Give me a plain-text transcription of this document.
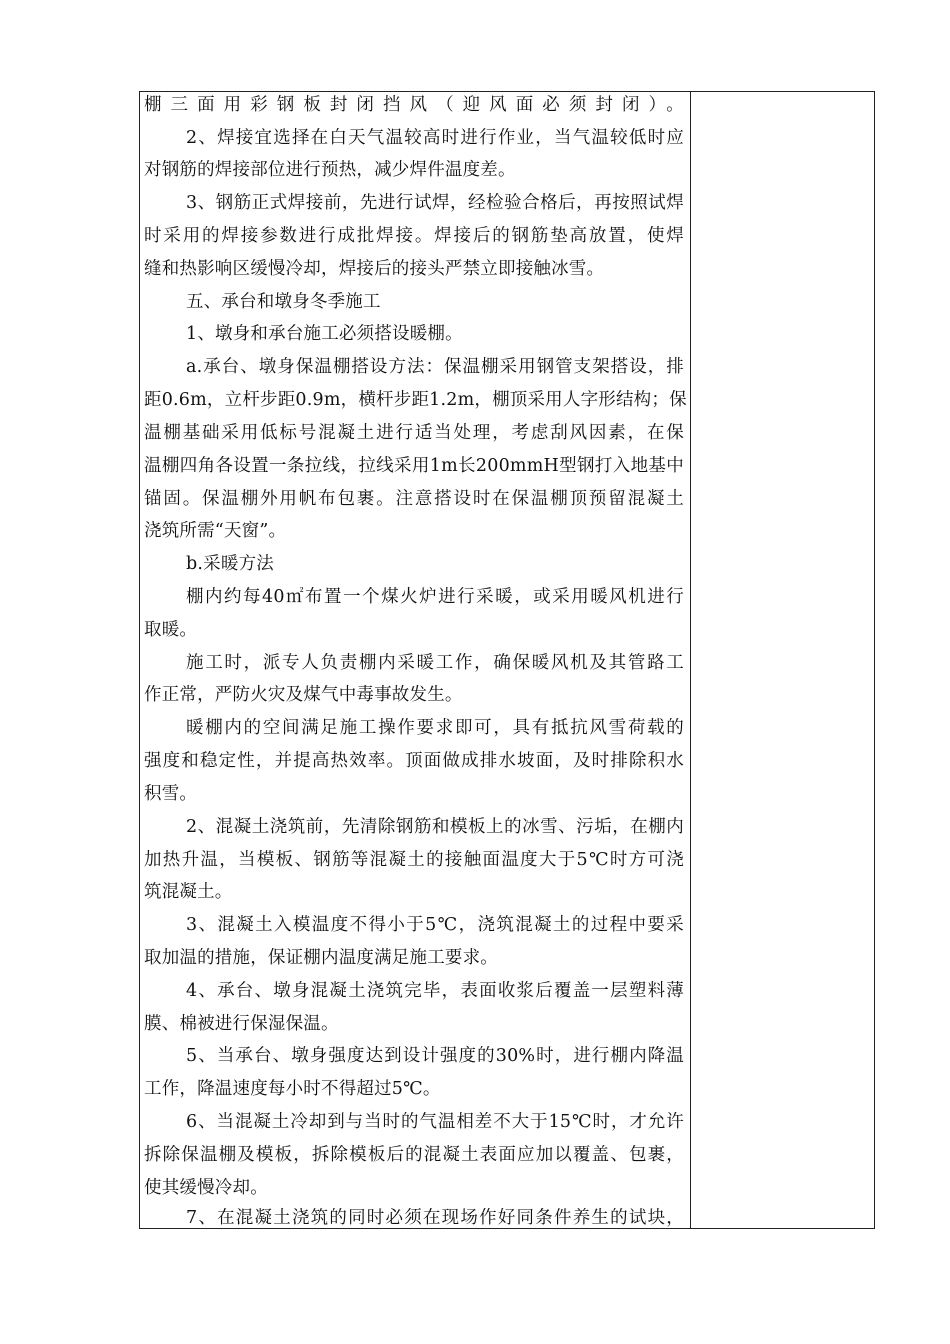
棚三面用彩钢板封闭挡风（迎风面必须封闭）。
2、焊接宜选择在白天气温较高时进行作业，当气温较低时应
对钢筋的焊接部位进行预热，减少焊件温度差。
3、钢筋正式焊接前，先进行试焊，经检验合格后，再按照试焊
时采用的焊接参数进行成批焊接。焊接后的钢筋垫高放置，使焊
缝和热影响区缓慢冷却，焊接后的接头严禁立即接触冰雪。
五、承台和墩身冬季施工
1、墩身和承台施工必须搭设暖棚。
a.承台、墩身保温棚搭设方法：保温棚采用钢管支架搭设，排
距0.6m，立杆步距0.9m，横杆步距1.2m，棚顶采用人字形结构；保
温棚基础采用低标号混凝土进行适当处理，考虑刮风因素，在保
温棚四角各设置一条拉线，拉线采用1m长200mmH型钢打入地基中
锚固。保温棚外用帆布包裹。注意搭设时在保温棚顶预留混凝土
浇筑所需“天窗”。
b.采暖方法
棚内约每40㎡布置一个煤火炉进行采暖，或采用暖风机进行
取暖。
施工时，派专人负责棚内采暖工作，确保暖风机及其管路工
作正常，严防火灾及煤气中毒事故发生。
暖棚内的空间满足施工操作要求即可，具有抵抗风雪荷载的
强度和稳定性，并提高热效率。顶面做成排水坡面，及时排除积水
积雪。
2、混凝土浇筑前，先清除钢筋和模板上的冰雪、污垢，在棚内
加热升温，当模板、钢筋等混凝土的接触面温度大于5℃时方可浇
筑混凝土。
3、混凝土入模温度不得小于5℃，浇筑混凝土的过程中要采
取加温的措施，保证棚内温度满足施工要求。
4、承台、墩身混凝土浇筑完毕，表面收浆后覆盖一层塑料薄
膜、棉被进行保湿保温。
5、当承台、墩身强度达到设计强度的30%时，进行棚内降温
工作，降温速度每小时不得超过5℃。
6、当混凝土冷却到与当时的气温相差不大于15℃时，才允许
拆除保温棚及模板，拆除模板后的混凝土表面应加以覆盖、包裹，
使其缓慢冷却。
7、在混凝土浇筑的同时必须在现场作好同条件养生的试块，
